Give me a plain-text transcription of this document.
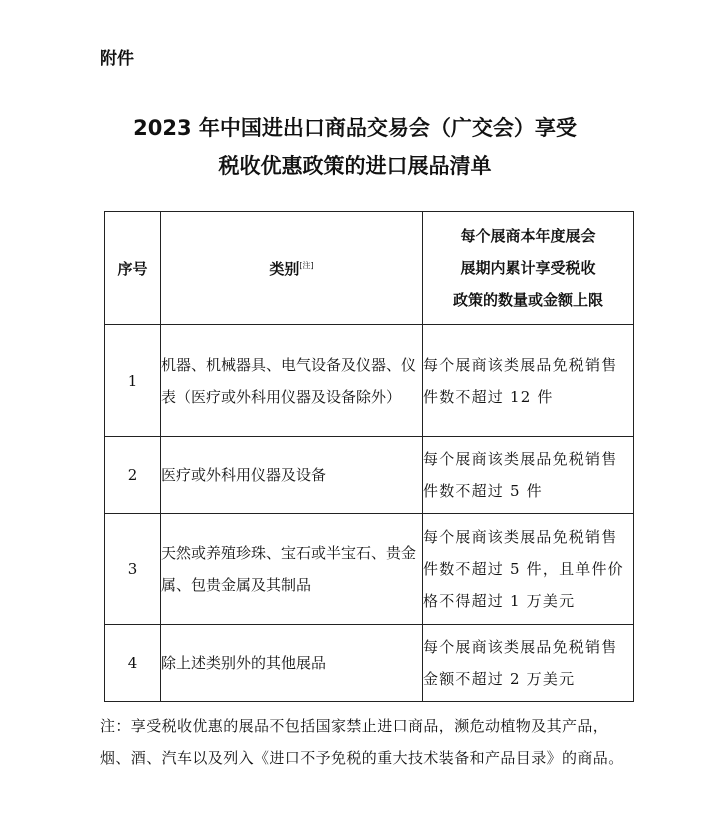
附件
2023 年中国进出口商品交易会（广交会）享受
税收优惠政策的进口展品清单
序号	类别[注]	每个展商本年度展会
展期内累计享受税收
政策的数量或金额上限

1	机器、机械器具、电气设备及仪器、仪表（医疗或外科用仪器及设备除外）	每个展商该类展品免税销售件数不超过 12 件
2	医疗或外科用仪器及设备	每个展商该类展品免税销售件数不超过 5 件
3	天然或养殖珍珠、宝石或半宝石、贵金属、包贵金属及其制品	每个展商该类展品免税销售件数不超过 5 件，且单件价格不得超过 1 万美元
4	除上述类别外的其他展品	每个展商该类展品免税销售金额不超过 2 万美元
注：享受税收优惠的展品不包括国家禁止进口商品，濒危动植物及其产品，烟、酒、汽车以及列入《进口不予免税的重大技术装备和产品目录》的商品。
